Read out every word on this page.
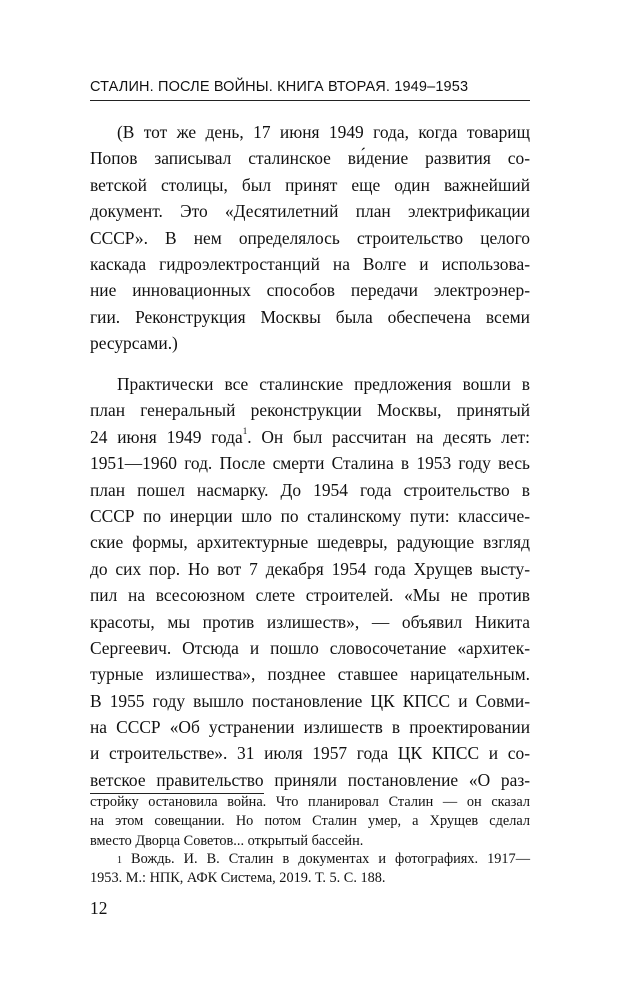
СТАЛИН. ПОСЛЕ ВОЙНЫ. КНИГА ВТОРАЯ. 1949–1953
(В тот же день, 17 июня 1949 года, когда товарищ
Попов записывал сталинское ви́дение развития со-
ветской столицы, был принят еще один важнейший
документ. Это «Десятилетний план электрификации
СССР». В нем определялось строительство целого
каскада гидроэлектростанций на Волге и использова-
ние инновационных способов передачи электроэнер-
гии. Реконструкция Москвы была обеспечена всеми
ресурсами.)
Практически все сталинские предложения вошли в
план генеральный реконструкции Москвы, принятый
24 июня 1949 года$^1$. Он был рассчитан на десять лет:
1951—1960 год. После смерти Сталина в 1953 году весь
план пошел насмарку. До 1954 года строительство в
СССР по инерции шло по сталинскому пути: классиче-
ские формы, архитектурные шедевры, радующие взгляд
до сих пор. Но вот 7 декабря 1954 года Хрущев высту-
пил на всесоюзном слете строителей. «Мы не против
красоты, мы против излишеств», — объявил Никита
Сергеевич. Отсюда и пошло словосочетание «архитек-
турные излишества», позднее ставшее нарицательным.
В 1955 году вышло постановление ЦК КПСС и Совми-
на СССР «Об устранении излишеств в проектировании
и строительстве». 31 июля 1957 года ЦК КПСС и со-
ветское правительство приняли постановление «О раз-
стройку остановила война. Что планировал Сталин — он сказал
на этом совещании. Но потом Сталин умер, а Хрущев сделал
вместо Дворца Советов... открытый бассейн.
$^1$ Вождь. И. В. Сталин в документах и фотографиях. 1917—
1953. М.: НПК, АФК Система, 2019. Т. 5. С. 188.
12
